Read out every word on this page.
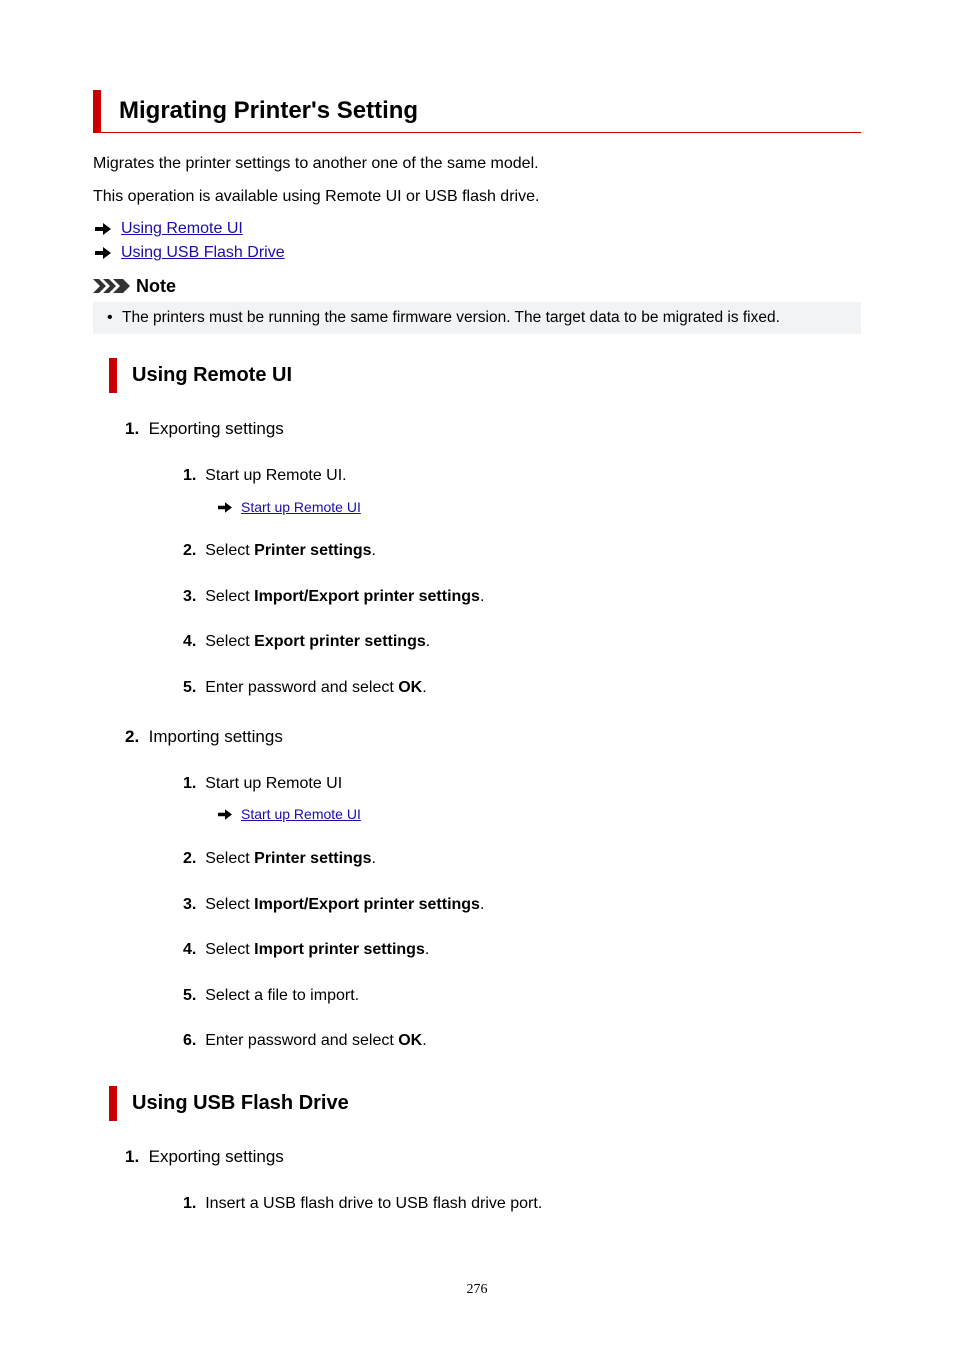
Migrating Printer's Setting
Migrates the printer settings to another one of the same model.
This operation is available using Remote UI or USB flash drive.
Using Remote UI
Using USB Flash Drive
Note
• The printers must be running the same firmware version. The target data to be migrated is fixed.
Using Remote UI
1. Exporting settings
1. Start up Remote UI.
Start up Remote UI
2. Select Printer settings.
3. Select Import/Export printer settings.
4. Select Export printer settings.
5. Enter password and select OK.
2. Importing settings
1. Start up Remote UI
Start up Remote UI
2. Select Printer settings.
3. Select Import/Export printer settings.
4. Select Import printer settings.
5. Select a file to import.
6. Enter password and select OK.
Using USB Flash Drive
1. Exporting settings
1. Insert a USB flash drive to USB flash drive port.
276
